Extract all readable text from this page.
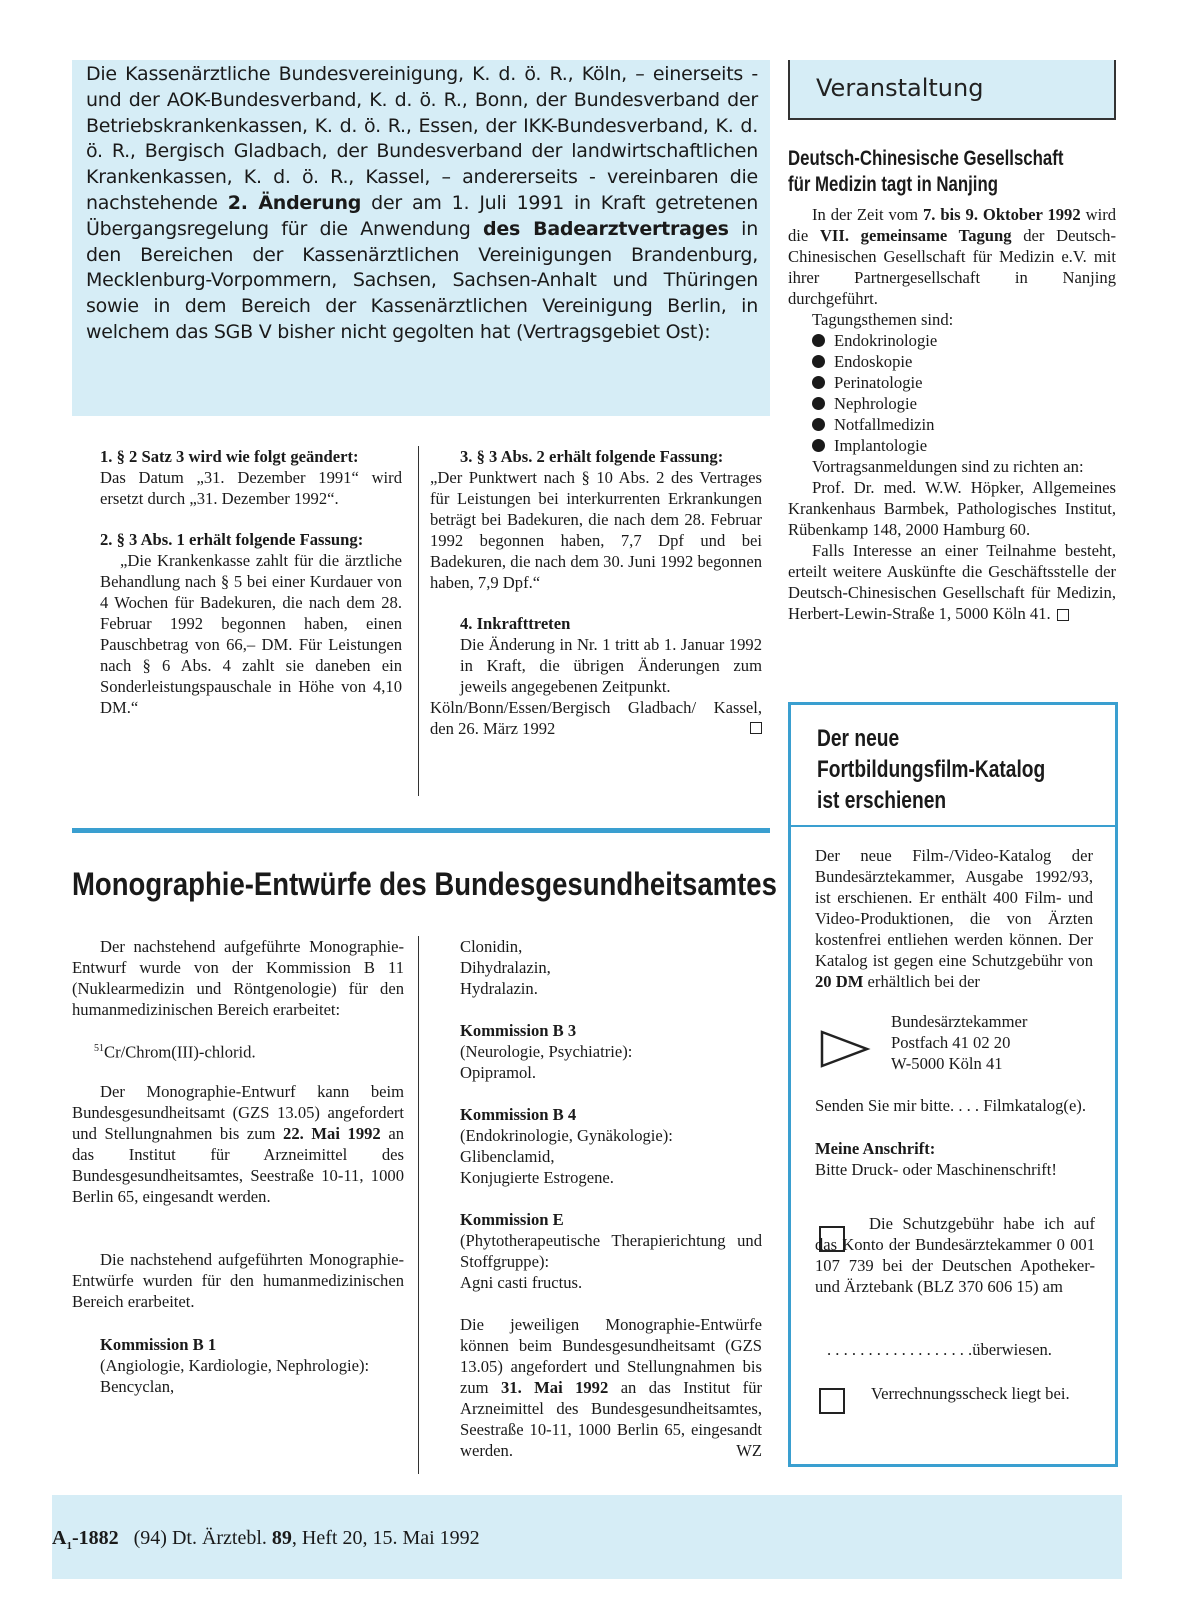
Die Kassenärztliche Bundesvereinigung, K. d. ö. R., Köln, – einerseits - und der AOK-Bundesverband, K. d. ö. R., Bonn, der Bundesverband der Betriebskrankenkassen, K. d. ö. R., Essen, der IKK-Bundesverband, K. d. ö. R., Bergisch Gladbach, der Bundesverband der landwirtschaftlichen Krankenkassen, K. d. ö. R., Kassel, – andererseits - vereinbaren die nachstehende 2. Änderung der am 1. Juli 1991 in Kraft getretenen Übergangsregelung für die Anwendung des Badearztvertrages in den Bereichen der Kassenärztlichen Vereinigungen Brandenburg, Mecklenburg-Vorpommern, Sachsen, Sachsen-Anhalt und Thüringen sowie in dem Bereich der Kassenärztlichen Vereinigung Berlin, in welchem das SGB V bisher nicht gegolten hat (Vertragsgebiet Ost):

1. § 2 Satz 3 wird wie folgt geändert:

Das Datum „31. Dezember 1991“ wird ersetzt durch „31. Dezember 1992“.

2. § 3 Abs. 1 erhält folgende Fassung:

„Die Krankenkasse zahlt für die ärztliche Behandlung nach § 5 bei einer Kurdauer von 4 Wochen für Badekuren, die nach dem 28. Februar 1992 begonnen haben, einen Pauschbetrag von 66,– DM. Für Leistungen nach § 6 Abs. 4 zahlt sie daneben ein Sonderleistungspauschale in Höhe von 4,10 DM.“

3. § 3 Abs. 2 erhält folgende Fassung:

„Der Punktwert nach § 10 Abs. 2 des Vertrages für Leistungen bei interkurrenten Erkrankungen beträgt bei Badekuren, die nach dem 28. Februar 1992 begonnen haben, 7,7 Dpf und bei Badekuren, die nach dem 30. Juni 1992 begonnen haben, 7,9 Dpf.“

4. Inkrafttreten

Die Änderung in Nr. 1 tritt ab 1. Januar 1992 in Kraft, die übrigen Änderungen zum jeweils angegebenen Zeitpunkt.

Köln/Bonn/Essen/Bergisch Gladbach/ Kassel, den 26. März 1992

Monographie-Entwürfe des Bundesgesundheitsamtes

Der nachstehend aufgeführte Monographie-Entwurf wurde von der Kommission B 11 (Nuklearmedizin und Röntgenologie) für den humanmedizinischen Bereich erarbeitet:

$^{51}$Cr/Chrom(III)-chlorid.

Der Monographie-Entwurf kann beim Bundesgesundheitsamt (GZS 13.05) angefordert und Stellungnahmen bis zum 22. Mai 1992 an das Institut für Arzneimittel des Bundesgesundheitsamtes, Seestraße 10-11, 1000 Berlin 65, eingesandt werden.

Die nachstehend aufgeführten Monographie-Entwürfe wurden für den humanmedizinischen Bereich erarbeitet.

Kommission B 1

(Angiologie, Kardiologie, Nephrologie):

Bencyclan,

Clonidin,

Dihydralazin,

Hydralazin.

Kommission B 3

(Neurologie, Psychiatrie):

Opipramol.

Kommission B 4

(Endokrinologie, Gynäkologie):

Glibenclamid,

Konjugierte Estrogene.

Kommission E

(Phytotherapeutische Therapierichtung und Stoffgruppe):

Agni casti fructus.

Die jeweiligen Monographie-Entwürfe können beim Bundesgesundheitsamt (GZS 13.05) angefordert und Stellungnahmen bis zum 31. Mai 1992 an das Institut für Arzneimittel des Bundesgesundheitsamtes, Seestraße 10-11, 1000 Berlin 65, eingesandt werden.	WZ

Veranstaltung
Deutsch-Chinesische Gesellschaft
für Medizin tagt in Nanjing

In der Zeit vom 7. bis 9. Oktober 1992 wird die VII. gemeinsame Tagung der Deutsch-Chinesischen Gesellschaft für Medizin e.V. mit ihrer Partnergesellschaft in Nanjing durchgeführt.

Tagungsthemen sind:

Endokrinologie

Endoskopie

Perinatologie

Nephrologie

Notfallmedizin

Implantologie

Vortragsanmeldungen sind zu richten an:

Prof. Dr. med. W.W. Höpker, Allgemeines Krankenhaus Barmbek, Pathologisches Institut, Rübenkamp 148, 2000 Hamburg 60.

Falls Interesse an einer Teilnahme besteht, erteilt weitere Auskünfte die Geschäftsstelle der Deutsch-Chinesischen Gesellschaft für Medizin, Herbert-Lewin-Straße 1, 5000 Köln 41.

Der neue
Fortbildungsfilm-Katalog
ist erschienen

Der neue Film-/Video-Katalog der Bundesärztekammer, Ausgabe 1992/93, ist erschienen. Er enthält 400 Film- und Video-Produktionen, die von Ärzten kostenfrei entliehen werden können. Der Katalog ist gegen eine Schutzgebühr von 20 DM erhältlich bei der

Bundesärztekammer

Postfach 41 02 20

W-5000 Köln 41

Senden Sie mir bitte. . . . Filmkatalog(e).

Meine Anschrift:

Bitte Druck- oder Maschinenschrift!

Die Schutzgebühr habe ich auf das Konto der Bundesärztekammer 0 001 107 739 bei der Deutschen Apotheker- und Ärztebank (BLZ 370 606 15) am

. . . . . . . . . . . . . . . . . .überwiesen.
Verrechnungsscheck liegt bei.
$A_1-1882$ (94) Dt. Ärztebl. 89, Heft 20, 15. Mai 1992
